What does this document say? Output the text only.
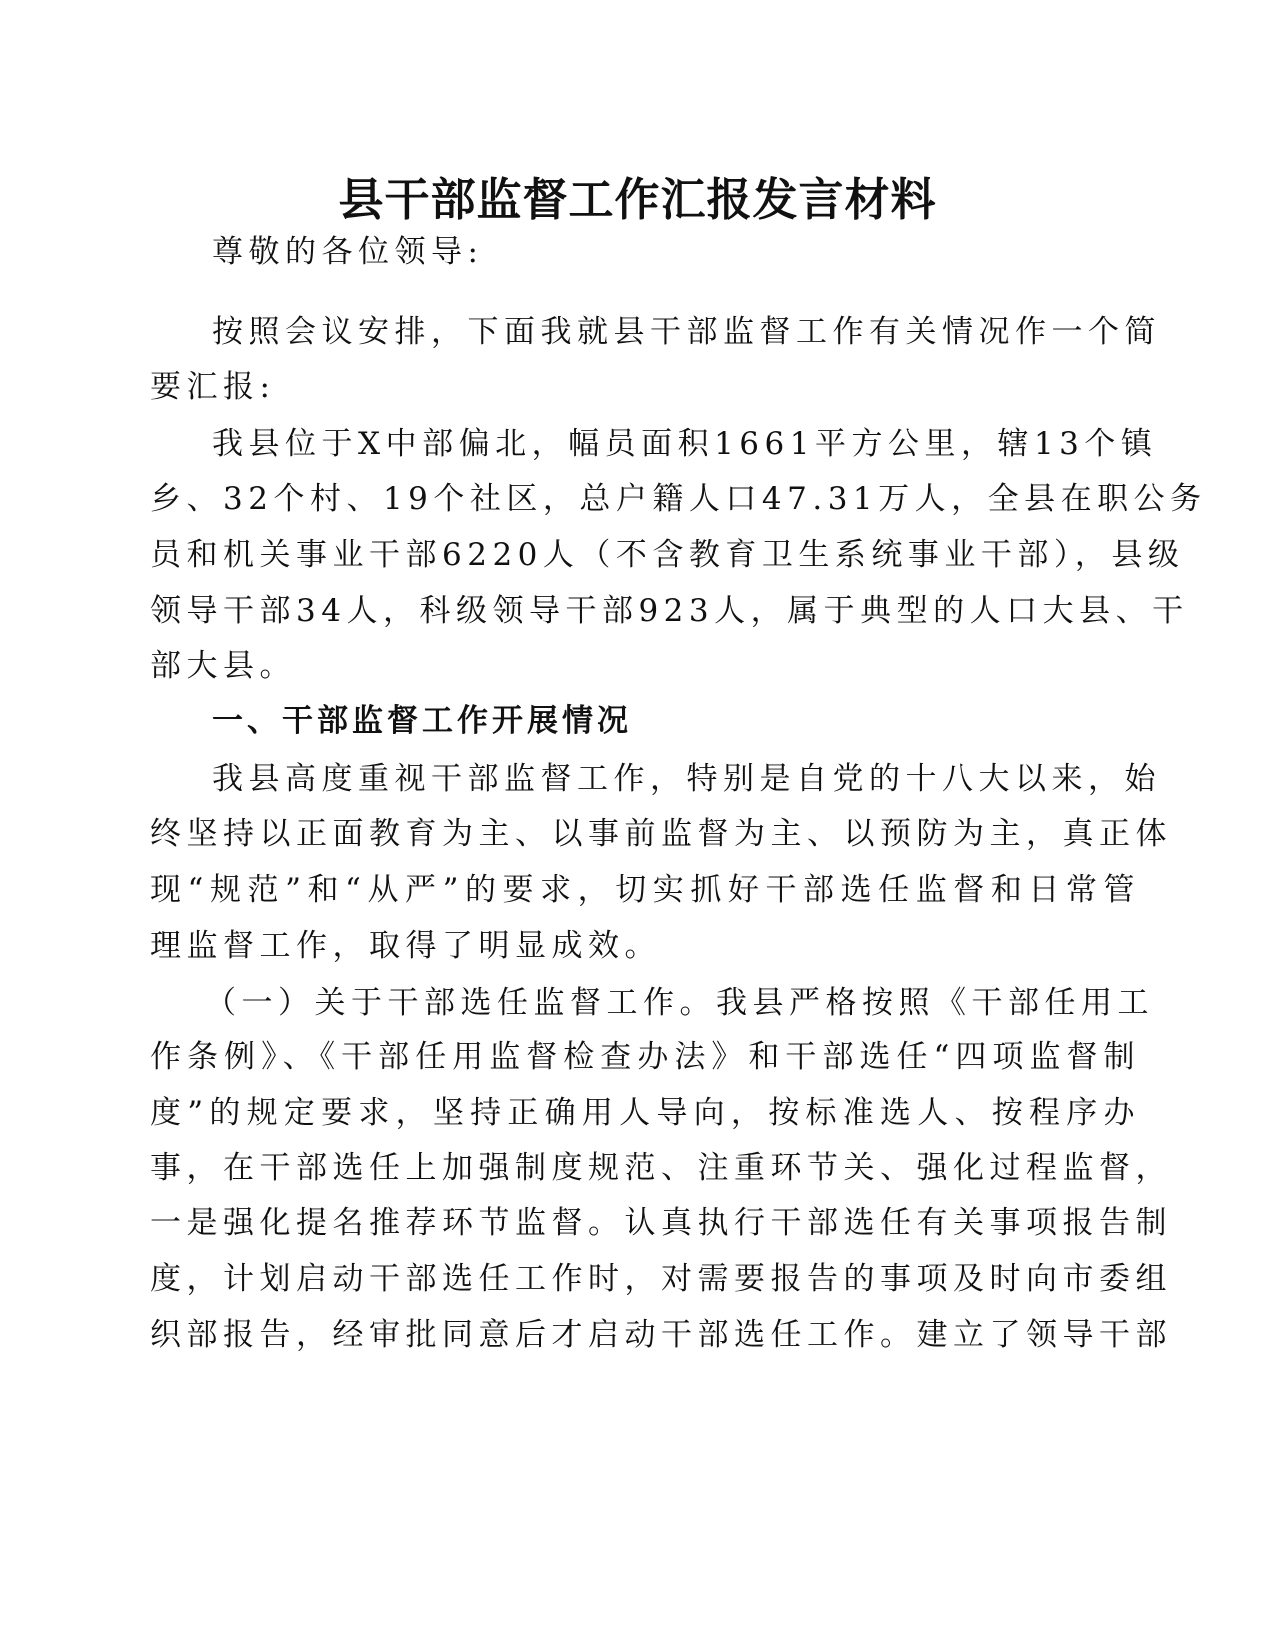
县干部监督工作汇报发言材料

尊敬的各位领导:

按照会议安排，下面我就县干部监督工作有关情况作一个简

要汇报:

我县位于X中部偏北，幅员面积1661平方公里，辖13个镇

乡、32个村、19个社区，总户籍人口47.31万人，全县在职公务

员和机关事业干部6220人（不含教育卫生系统事业干部），县级

领导干部34人，科级领导干部923人，属于典型的人口大县、干

部大县。

一、干部监督工作开展情况

我县高度重视干部监督工作，特别是自党的十八大以来，始

终坚持以正面教育为主、以事前监督为主、以预防为主，真正体

现“规范”和“从严”的要求，切实抓好干部选任监督和日常管

理监督工作，取得了明显成效。

（一）关于干部选任监督工作。我县严格按照《干部任用工

作条例》、《干部任用监督检查办法》和干部选任“四项监督制

度”的规定要求，坚持正确用人导向，按标准选人、按程序办

事，在干部选任上加强制度规范、注重环节关、强化过程监督，

一是强化提名推荐环节监督。认真执行干部选任有关事项报告制

度，计划启动干部选任工作时，对需要报告的事项及时向市委组

织部报告，经审批同意后才启动干部选任工作。建立了领导干部
